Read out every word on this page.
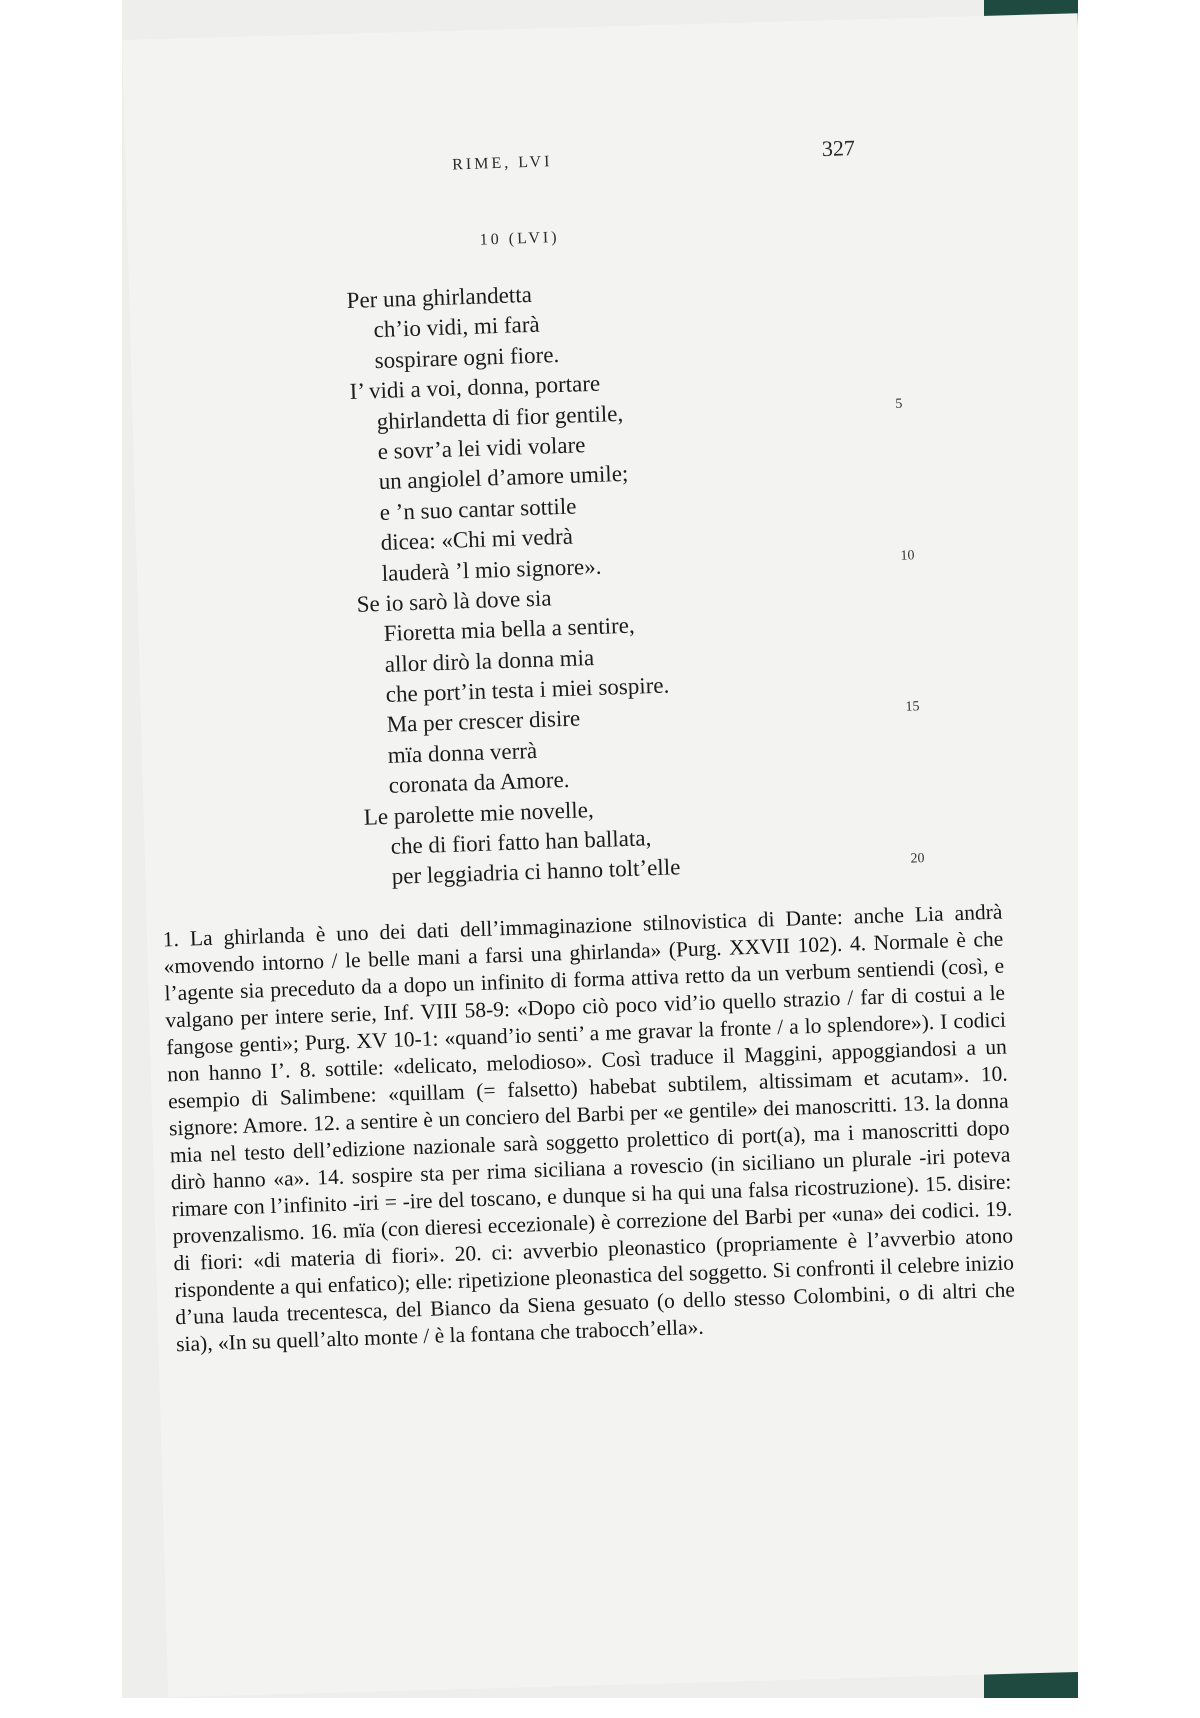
RIME, LVI
327
10 (LVI)
Per una ghirlandetta
ch’io vidi, mi farà
sospirare ogni fiore.
I’ vidi a voi, donna, portare
ghirlandetta di fior gentile,	5
e sovr’a lei vidi volare
un angiolel d’amore umile;
e ’n suo cantar sottile
dicea: «Chi mi vedrà
lauderà ’l mio signore».	10
Se io sarò là dove sia
Fioretta mia bella a sentire,
allor dirò la donna mia
che port’in testa i miei sospire.
Ma per crescer disire	15
mïa donna verrà
coronata da Amore.
Le parolette mie novelle,
che di fiori fatto han ballata,
per leggiadria ci hanno tolt’elle	20
1. La ghirlanda è uno dei dati dell’immaginazione stilnovistica di Dante: anche Lia andrà «movendo intorno / le belle mani a farsi una ghirlanda» (Purg. XXVII 102). 4. Normale è che l’agente sia preceduto da a dopo un infinito di forma attiva retto da un verbum sentiendi (così, e valgano per intere serie, Inf. VIII 58-9: «Dopo ciò poco vid’io quello strazio / far di costui a le fangose genti»; Purg. XV 10-1: «quand’io senti’ a me gravar la fronte / a lo splendore»). I codici non hanno I’. 8. sottile: «delicato, melodioso». Così traduce il Maggini, appoggiandosi a un esempio di Salimbene: «quillam (= falsetto) habebat subtilem, altissimam et acutam». 10. signore: Amore. 12. a sentire è un conciero del Barbi per «e gentile» dei manoscritti. 13. la donna mia nel testo dell’edizione nazionale sarà soggetto prolettico di port(a), ma i manoscritti dopo dirò hanno «a». 14. sospire sta per rima siciliana a rovescio (in siciliano un plurale -iri poteva rimare con l’infinito -iri = -ire del toscano, e dunque si ha qui una falsa ricostruzione). 15. disire: provenzalismo. 16. mïa (con dieresi eccezionale) è correzione del Barbi per «una» dei codici. 19. di fiori: «di materia di fiori». 20. ci: avverbio pleonastico (propriamente è l’avverbio atono rispondente a qui enfatico); elle: ripetizione pleonastica del soggetto. Si confronti il celebre inizio d’una lauda trecentesca, del Bianco da Siena gesuato (o dello stesso Colombini, o di altri che sia), «In su quell’alto monte / è la fontana che trabocch’ella».
